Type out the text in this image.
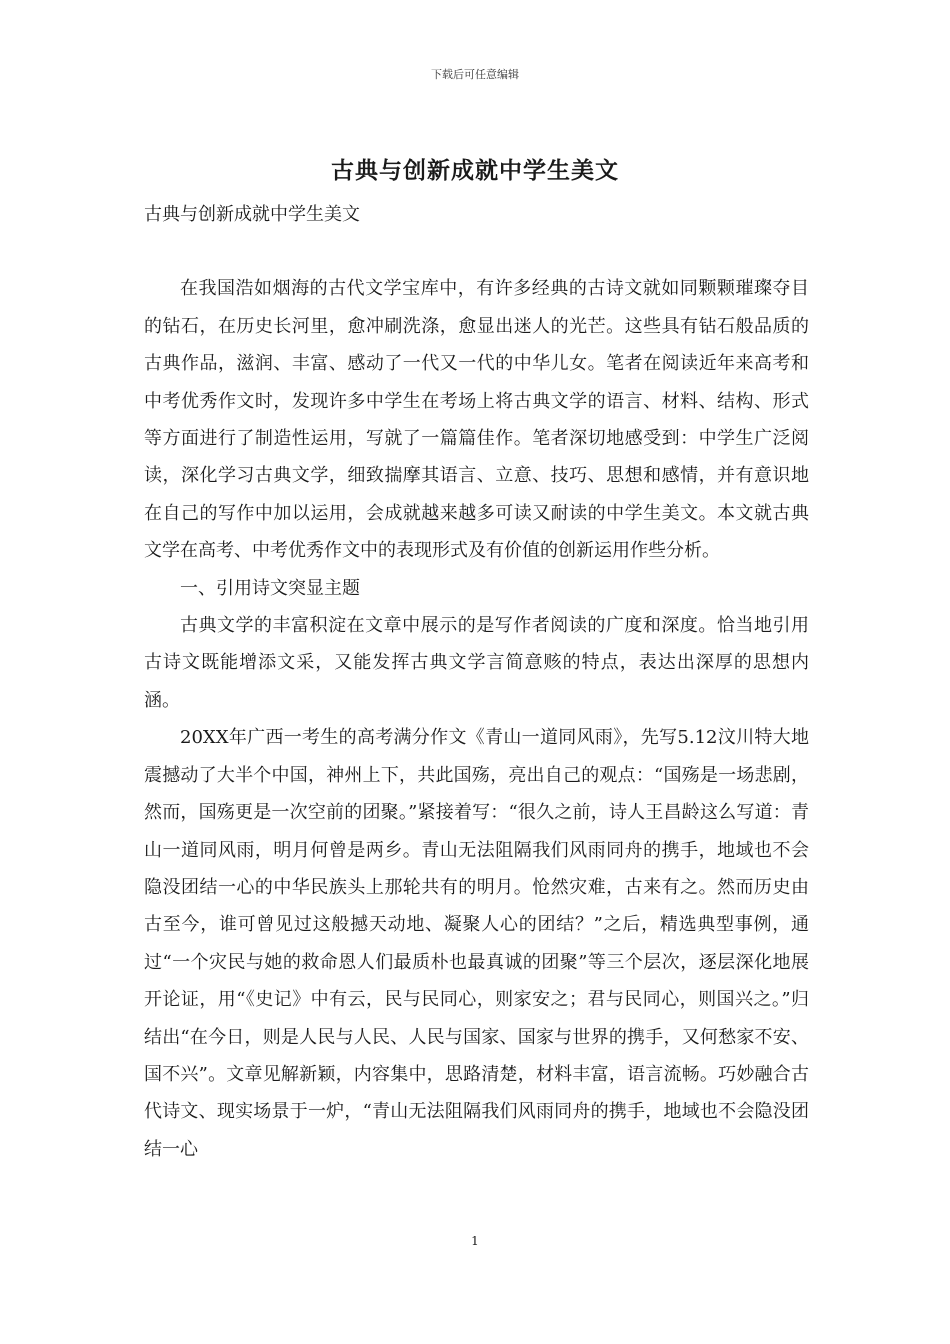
下载后可任意编辑
古典与创新成就中学生美文

古典与创新成就中学生美文

在我国浩如烟海的古代文学宝库中，有许多经典的古诗文就如同颗颗璀璨夺目的钻石，在历史长河里，愈冲刷洗涤，愈显出迷人的光芒。这些具有钻石般品质的古典作品，滋润、丰富、感动了一代又一代的中华儿女。笔者在阅读近年来高考和中考优秀作文时，发现许多中学生在考场上将古典文学的语言、材料、结构、形式等方面进行了制造性运用，写就了一篇篇佳作。笔者深切地感受到：中学生广泛阅读，深化学习古典文学，细致揣摩其语言、立意、技巧、思想和感情，并有意识地在自己的写作中加以运用，会成就越来越多可读又耐读的中学生美文。本文就古典文学在高考、中考优秀作文中的表现形式及有价值的创新运用作些分析。

一、引用诗文突显主题

古典文学的丰富积淀在文章中展示的是写作者阅读的广度和深度。恰当地引用古诗文既能增添文采，又能发挥古典文学言简意赅的特点，表达出深厚的思想内涵。

20XX年广西一考生的高考满分作文《青山一道同风雨》，先写5.12汶川特大地震撼动了大半个中国，神州上下，共此国殇，亮出自己的观点：“国殇是一场悲剧，然而，国殇更是一次空前的团聚。”紧接着写：“很久之前，诗人王昌龄这么写道：青山一道同风雨，明月何曾是两乡。青山无法阻隔我们风雨同舟的携手，地域也不会隐没团结一心的中华民族头上那轮共有的明月。怆然灾难，古来有之。然而历史由古至今，谁可曾见过这般撼天动地、凝聚人心的团结？”之后，精选典型事例，通过“一个灾民与她的救命恩人们最质朴也最真诚的团聚”等三个层次，逐层深化地展开论证，用“《史记》中有云，民与民同心，则家安之；君与民同心，则国兴之。”归结出“在今日，则是人民与人民、人民与国家、国家与世界的携手，又何愁家不安、国不兴”。文章见解新颖，内容集中，思路清楚，材料丰富，语言流畅。巧妙融合古代诗文、现实场景于一炉，“青山无法阻隔我们风雨同舟的携手，地域也不会隐没团结一心

1
